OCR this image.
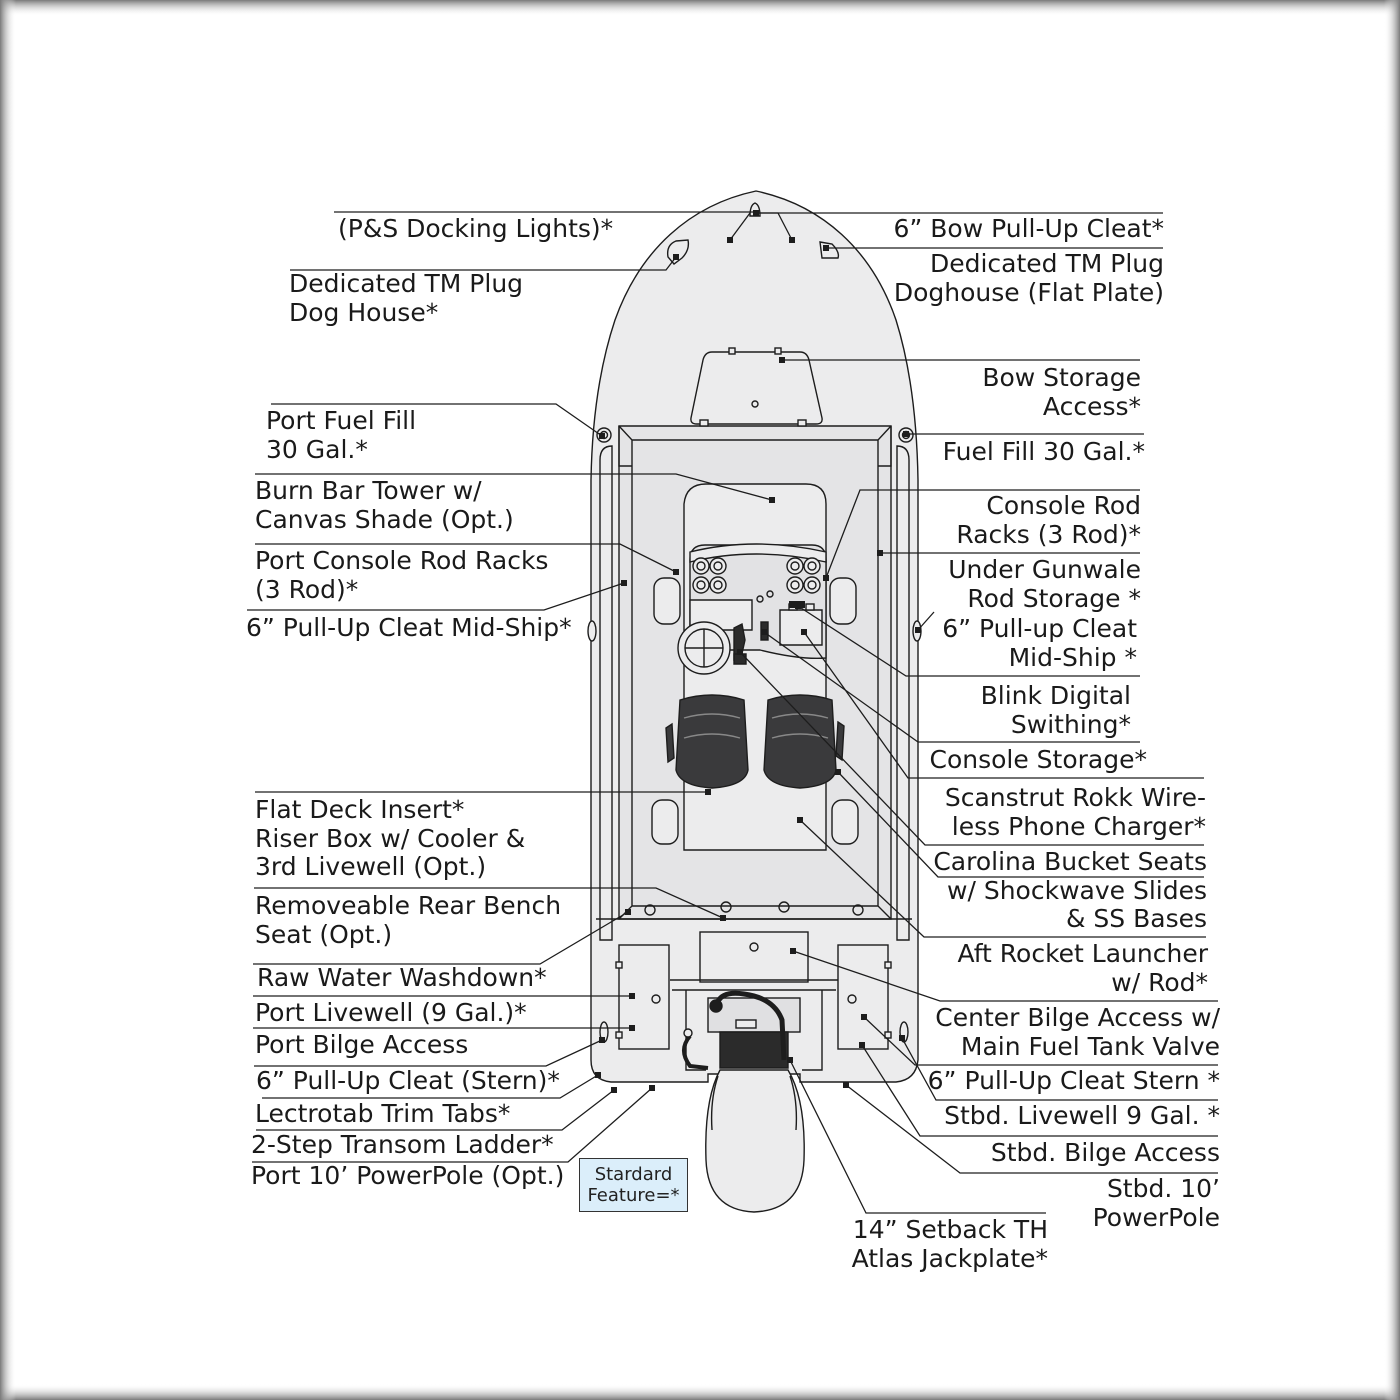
(P&S Docking Lights)*	6” Bow Pull-Up Cleat*
Dedicated TM Plug
Dog House*
Dedicated TM Plug
Doghouse (Flat Plate)
Bow Storage
Access*
Port Fuel Fill
30 Gal.*	Fuel Fill 30 Gal.*
Burn Bar Tower w/
Canvas Shade (Opt.)	Console Rod
Racks (3 Rod)*
Port Console Rod Racks
(3 Rod)*
Under Gunwale
Rod Storage *
6” Pull-Up Cleat Mid-Ship*	6” Pull-up Cleat
Mid-Ship *
Blink Digital
Swithing*
Console Storage*
Flat Deck Insert*
Riser Box w/ Cooler &
3rd Livewell (Opt.)
Scanstrut Rokk Wire-
less Phone Charger*
Carolina Bucket Seats
w/ Shockwave Slides
& SS Bases
Removeable Rear Bench
Seat (Opt.)
Aft Rocket Launcher
w/ Rod*
Raw Water Washdown*
Port Livewell (9 Gal.)*	Center Bilge Access w/
Main Fuel Tank Valve
Port Bilge Access
6” Pull-Up Cleat (Stern)*	6” Pull-Up Cleat Stern *
Lectrotab Trim Tabs*	Stbd. Livewell 9 Gal. *
2-Step Transom Ladder*	Stbd. Bilge Access
Port 10’ PowerPole (Opt.)	Stbd. 10’
PowerPole
14” Setback TH
Atlas Jackplate*
Stardard
Feature=*
